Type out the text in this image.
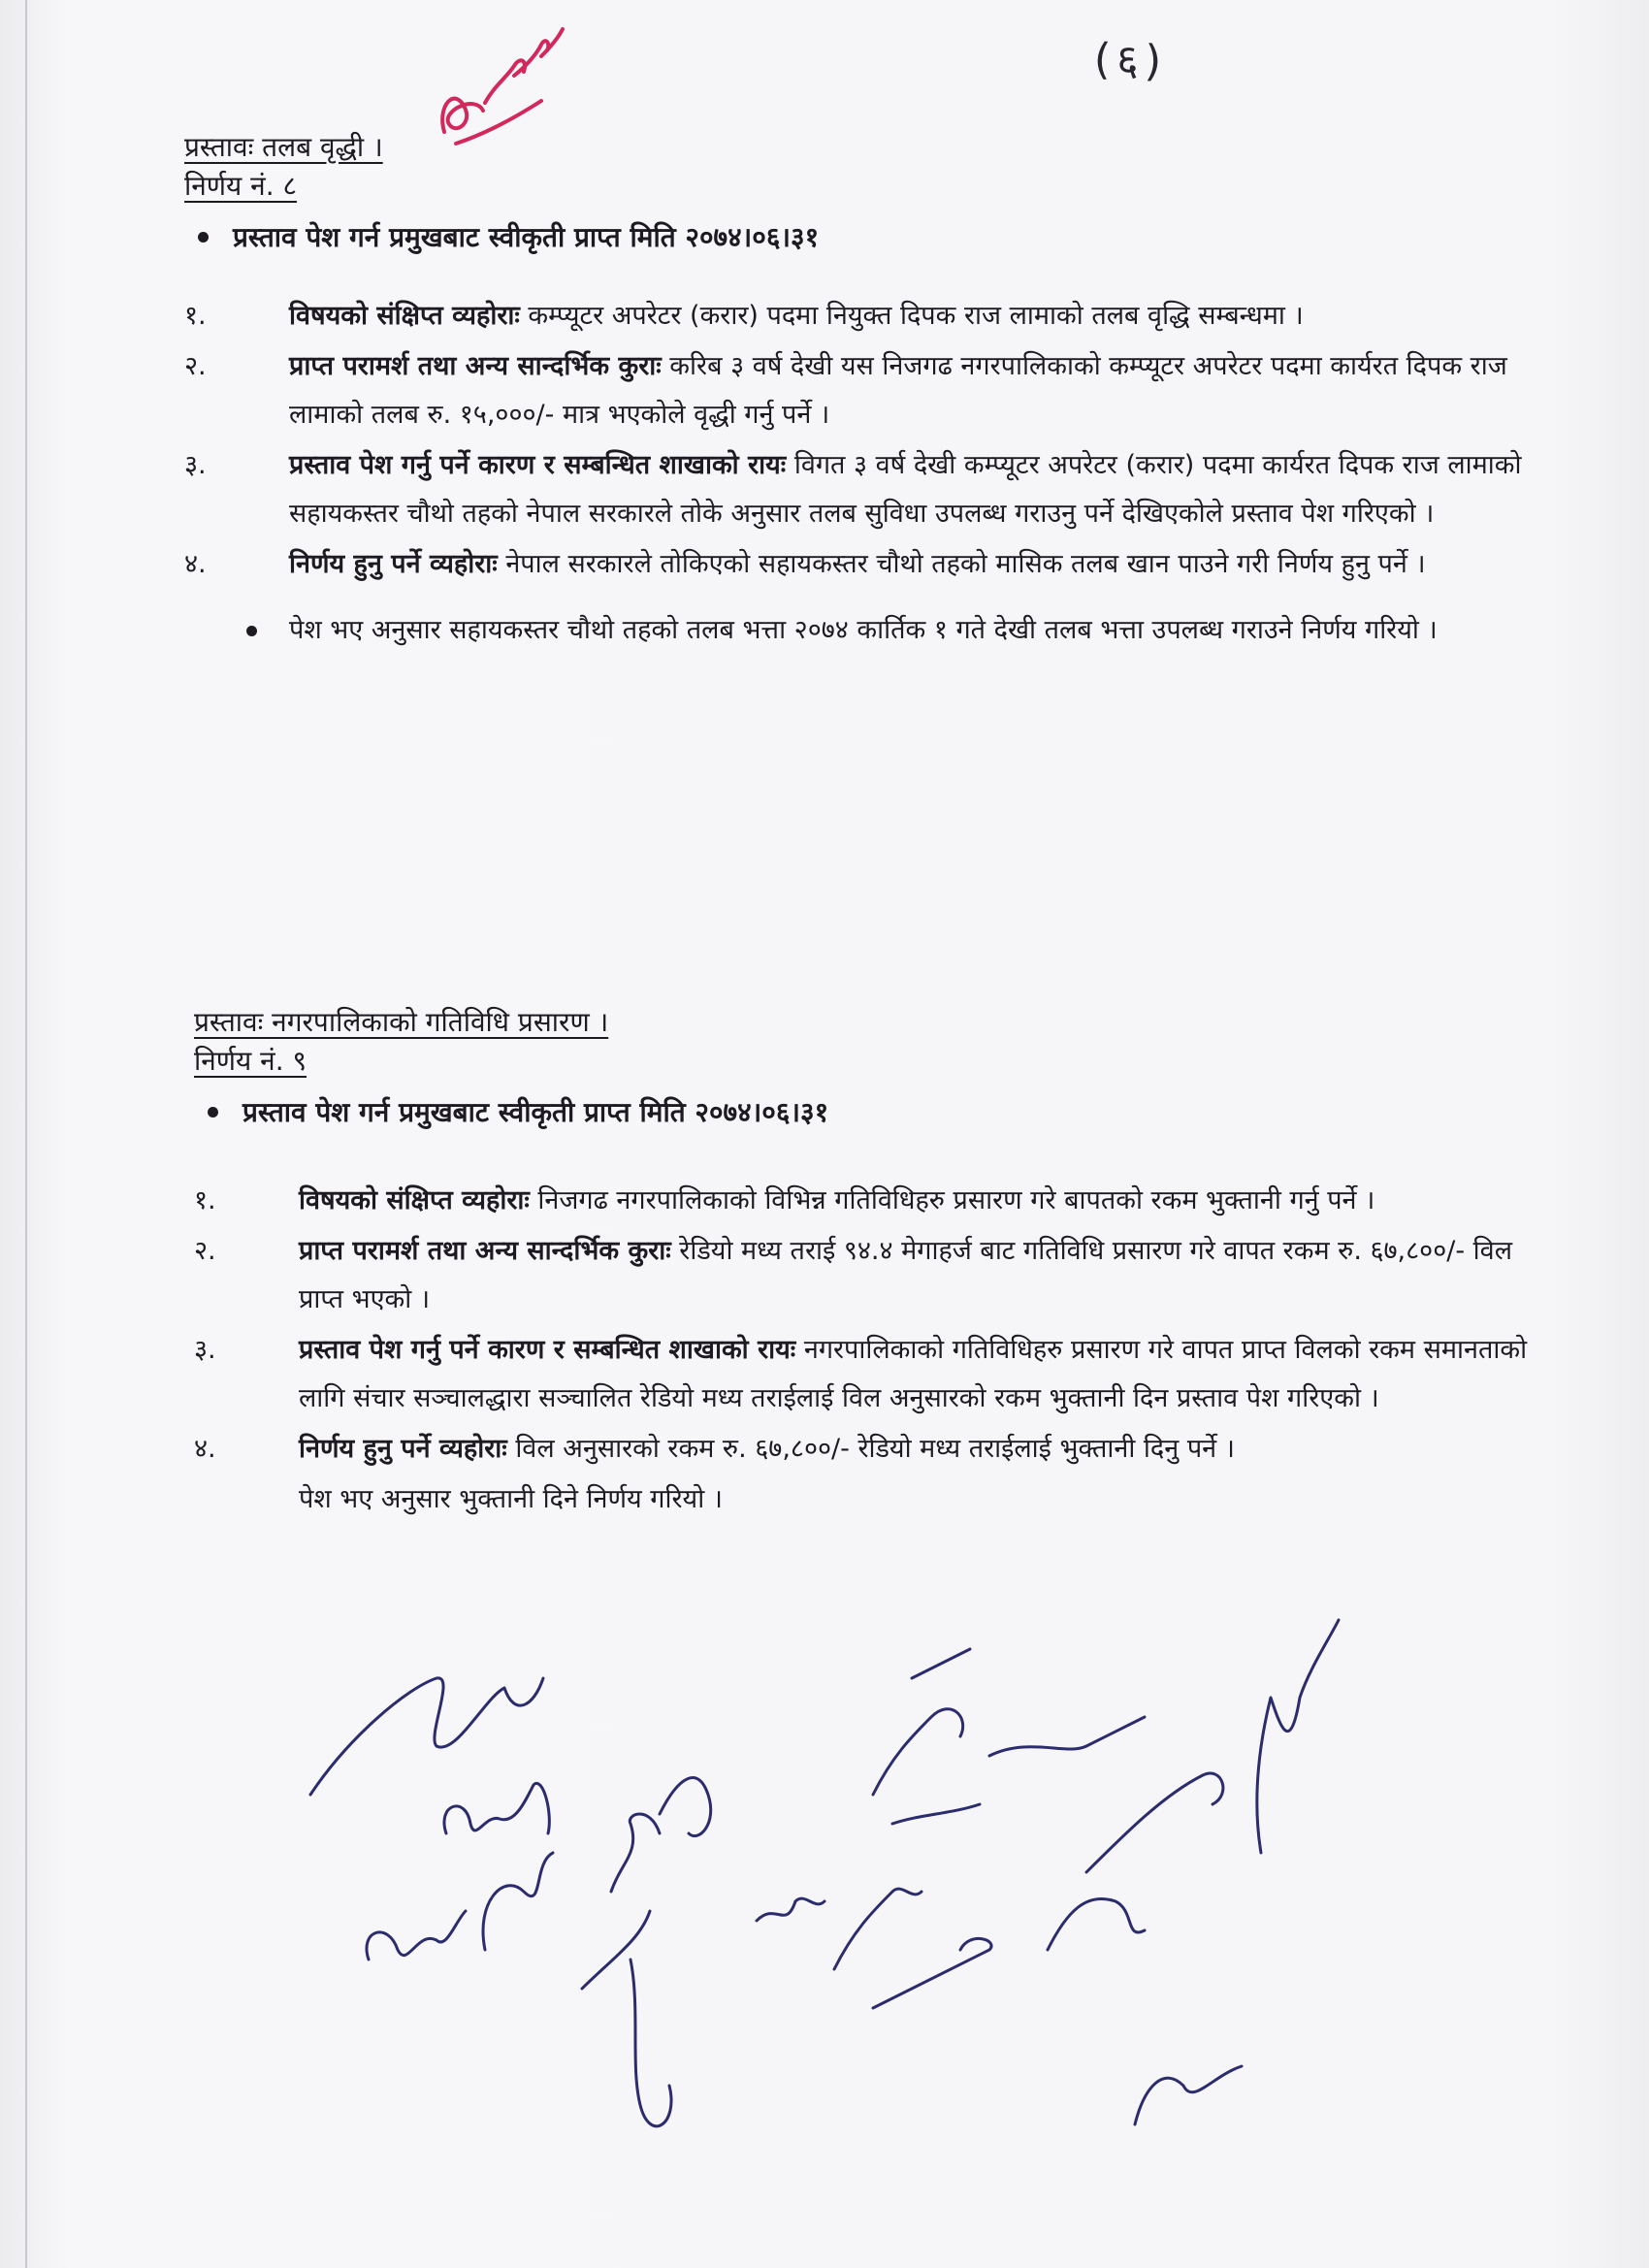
(६)
प्रस्तावः तलब वृद्धी ।
निर्णय नं. ८
प्रस्ताव पेश गर्न प्रमुखबाट स्वीकृती प्राप्त मिति २०७४।०६।३१
१.	विषयको संक्षिप्त व्यहोराः कम्प्यूटर अपरेटर (करार) पदमा नियुक्त दिपक राज लामाको तलब वृद्धि सम्बन्धमा ।
२.	प्राप्त परामर्श तथा अन्य सान्दर्भिक कुराः करिब ३ वर्ष देखी यस निजगढ नगरपालिकाको कम्प्यूटर अपरेटर पदमा कार्यरत दिपक राज लामाको तलब रु. १५,०००/- मात्र भएकोले वृद्धी गर्नु पर्ने ।
३.	प्रस्ताव पेश गर्नु पर्ने कारण र सम्बन्धित शाखाको रायः विगत ३ वर्ष देखी कम्प्यूटर अपरेटर (करार) पदमा कार्यरत दिपक राज लामाको सहायकस्तर चौथो तहको नेपाल सरकारले तोके अनुसार तलब सुविधा उपलब्ध गराउनु पर्ने देखिएकोले प्रस्ताव पेश गरिएको ।
४.	निर्णय हुनु पर्ने व्यहोराः नेपाल सरकारले तोकिएको सहायकस्तर चौथो तहको मासिक तलब खान पाउने गरी निर्णय हुनु पर्ने ।
पेश भए अनुसार सहायकस्तर चौथो तहको तलब भत्ता २०७४ कार्तिक १ गते देखी तलब भत्ता उपलब्ध गराउने निर्णय गरियो ।
प्रस्तावः नगरपालिकाको गतिविधि प्रसारण ।
निर्णय नं. ९
प्रस्ताव पेश गर्न प्रमुखबाट स्वीकृती प्राप्त मिति २०७४।०६।३१
१.	विषयको संक्षिप्त व्यहोराः निजगढ नगरपालिकाको विभिन्न गतिविधिहरु प्रसारण गरे बापतको रकम भुक्तानी गर्नु पर्ने ।
२.	प्राप्त परामर्श तथा अन्य सान्दर्भिक कुराः रेडियो मध्य तराई ९४.४ मेगाहर्ज बाट गतिविधि प्रसारण गरे वापत रकम रु. ६७,८००/- विल प्राप्त भएको ।
३.	प्रस्ताव पेश गर्नु पर्ने कारण र सम्बन्धित शाखाको रायः नगरपालिकाको गतिविधिहरु प्रसारण गरे वापत प्राप्त विलको रकम समानताको लागि संचार सञ्चालद्धारा सञ्चालित रेडियो मध्य तराईलाई विल अनुसारको रकम भुक्तानी दिन प्रस्ताव पेश गरिएको ।
४.	निर्णय हुनु पर्ने व्यहोराः विल अनुसारको रकम रु. ६७,८००/- रेडियो मध्य तराईलाई भुक्तानी दिनु पर्ने ।
पेश भए अनुसार भुक्तानी दिने निर्णय गरियो ।
